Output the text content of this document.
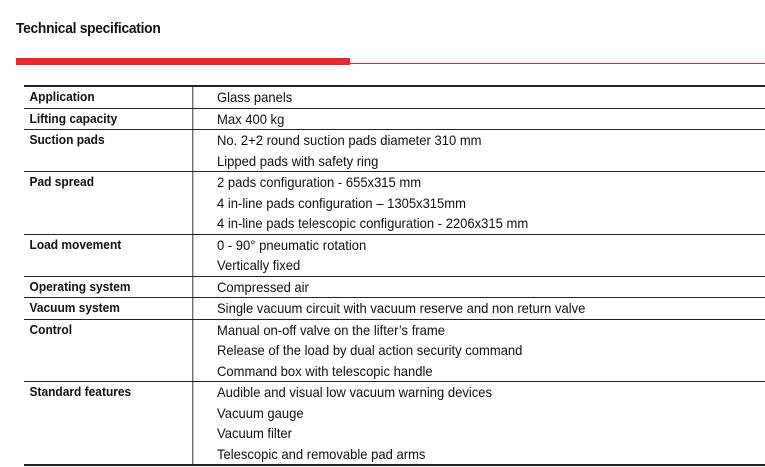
Technical specification
Application	Glass panels
Lifting capacity	Max 400 kg
Suction pads	No. 2+2 round suction pads diameter 310 mm
Lipped pads with safety ring
Pad spread	2 pads configuration - 655x315 mm
4 in-line pads configuration – 1305x315mm
4 in-line pads telescopic configuration - 2206x315 mm
Load movement	0 - 90° pneumatic rotation
Vertically fixed
Operating system	Compressed air
Vacuum system	Single vacuum circuit with vacuum reserve and non return valve
Control	Manual on-off valve on the lifter’s frame
Release of the load by dual action security command
Command box with telescopic handle
Standard features	Audible and visual low vacuum warning devices
Vacuum gauge
Vacuum filter
Telescopic and removable pad arms
